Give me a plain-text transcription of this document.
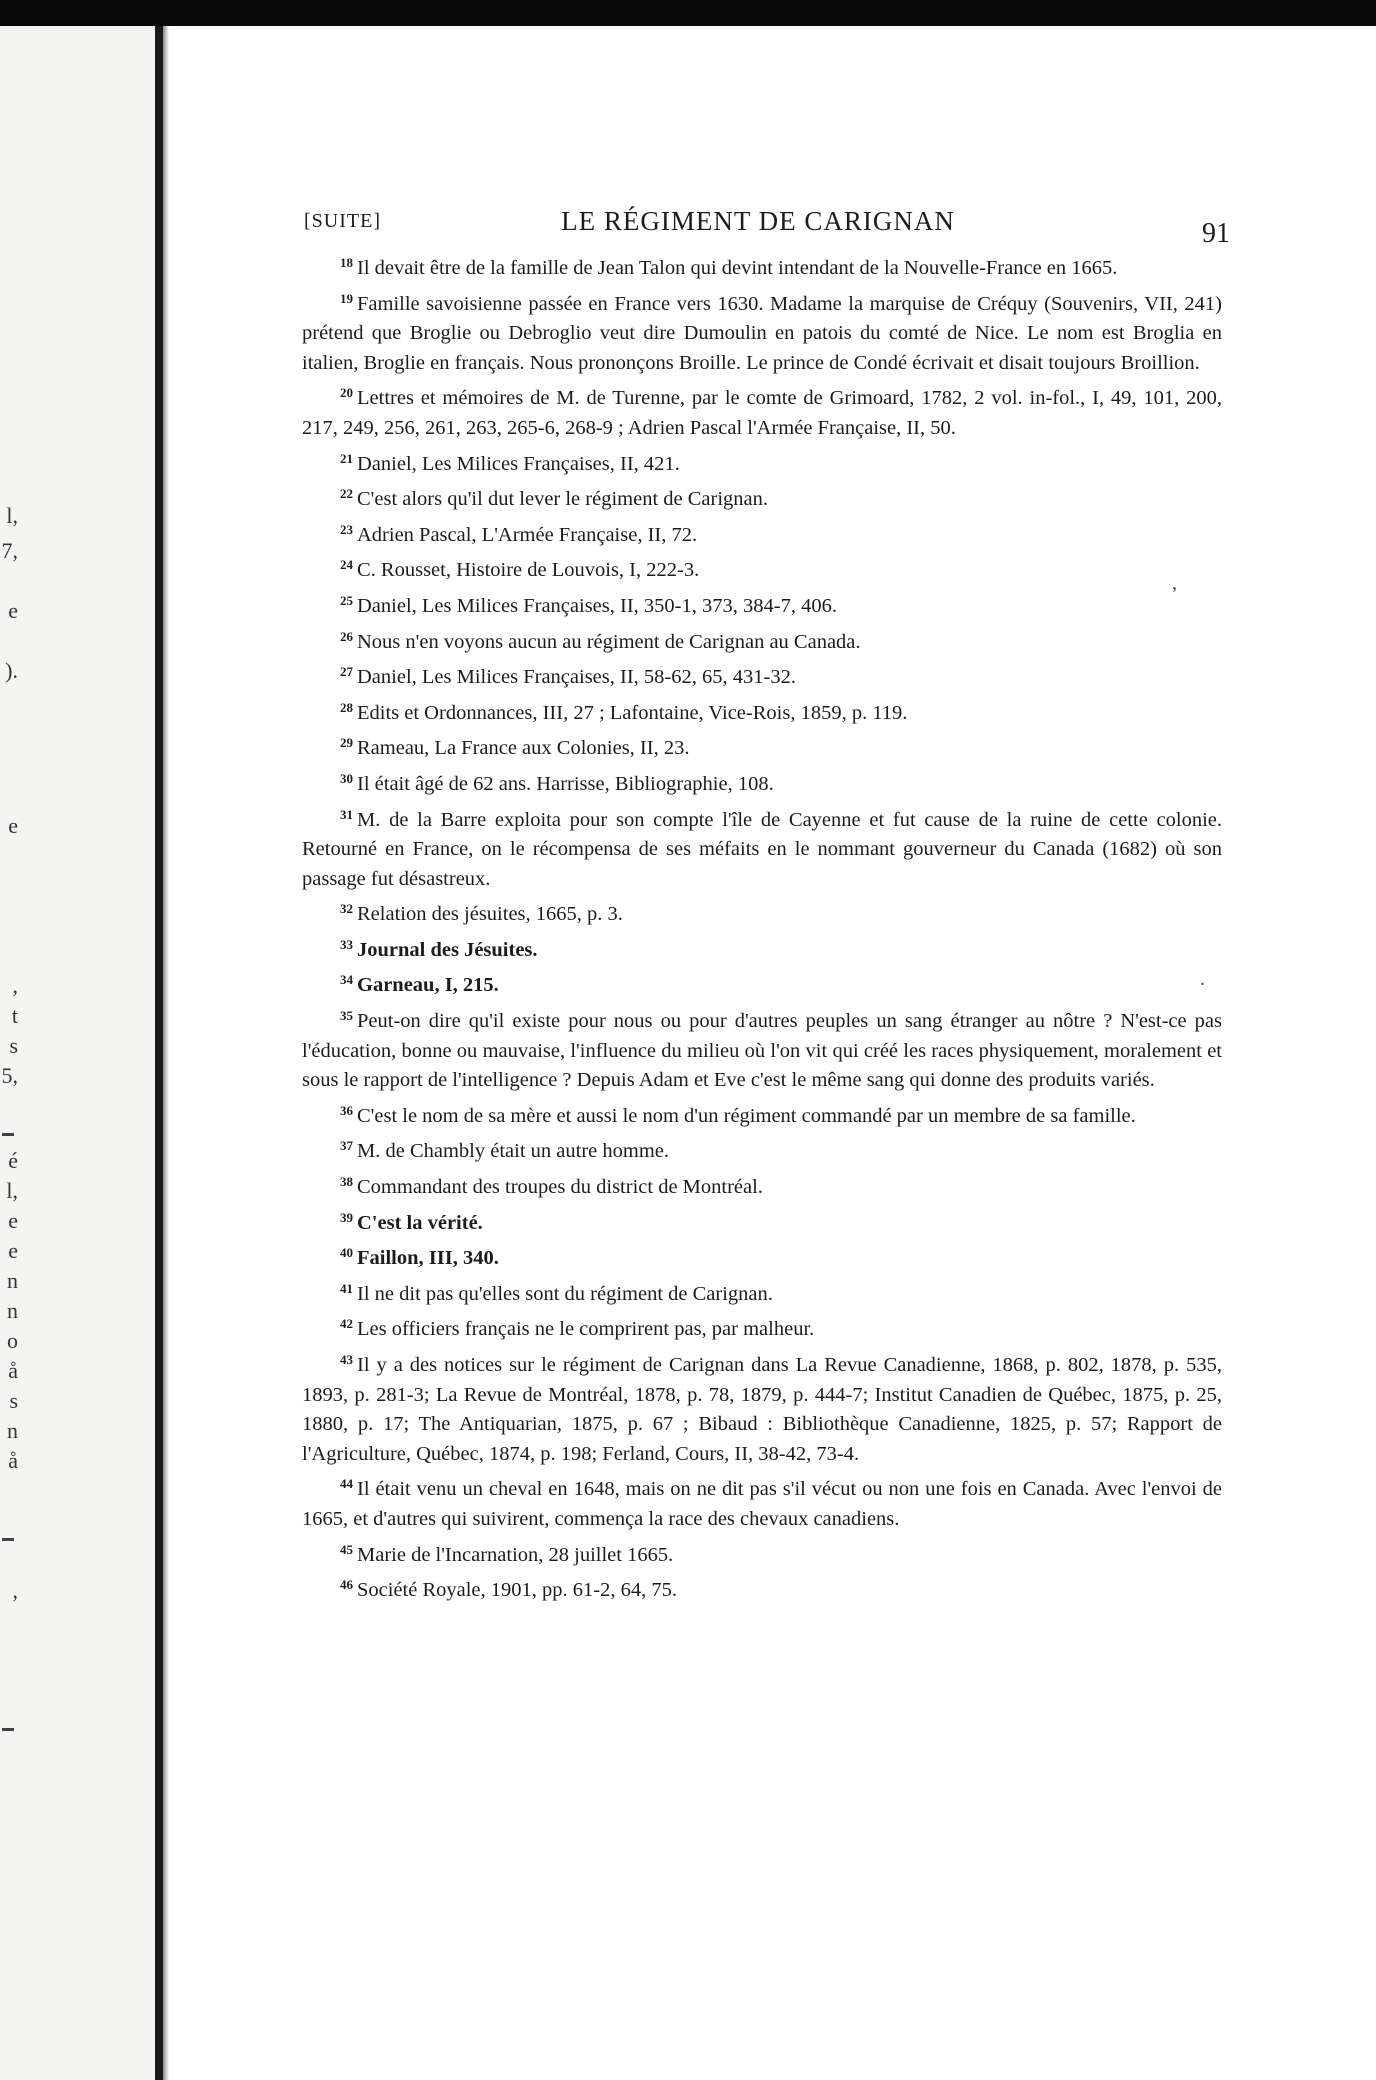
l,
7,
e
).
e
,
t
s
5,
é
l,
e
e
n
n
o
å
s
n
å
,
[SUITE]	LE RÉGIMENT DE CARIGNAN	91

$^{18}$ Il devait être de la famille de Jean Talon qui devint intendant de la Nouvelle-France en 1665.

$^{19}$ Famille savoisienne passée en France vers 1630. Madame la marquise de Créquy (Souvenirs, VII, 241) prétend que Broglie ou Debroglio veut dire Dumoulin en patois du comté de Nice. Le nom est Broglia en italien, Broglie en français. Nous prononçons Broille. Le prince de Condé écrivait et disait toujours Broillion.

$^{20}$ Lettres et mémoires de M. de Turenne, par le comte de Grimoard, 1782, 2 vol. in-fol., I, 49, 101, 200, 217, 249, 256, 261, 263, 265-6, 268-9 ; Adrien Pascal l'Armée Française, II, 50.

$^{21}$ Daniel, Les Milices Françaises, II, 421.

$^{22}$ C'est alors qu'il dut lever le régiment de Carignan.

$^{23}$ Adrien Pascal, L'Armée Française, II, 72.

$^{24}$ C. Rousset, Histoire de Louvois, I, 222-3.

$^{25}$ Daniel, Les Milices Françaises, II, 350-1, 373, 384-7, 406.

$^{26}$ Nous n'en voyons aucun au régiment de Carignan au Canada.

$^{27}$ Daniel, Les Milices Françaises, II, 58-62, 65, 431-32.

$^{28}$ Edits et Ordonnances, III, 27 ; Lafontaine, Vice-Rois, 1859, p. 119.

$^{29}$ Rameau, La France aux Colonies, II, 23.

$^{30}$ Il était âgé de 62 ans. Harrisse, Bibliographie, 108.

$^{31}$ M. de la Barre exploita pour son compte l'île de Cayenne et fut cause de la ruine de cette colonie. Retourné en France, on le récompensa de ses méfaits en le nommant gouverneur du Canada (1682) où son passage fut désastreux.

$^{32}$ Relation des jésuites, 1665, p. 3.

$^{33}$ Journal des Jésuites.

$^{34}$ Garneau, I, 215.

$^{35}$ Peut-on dire qu'il existe pour nous ou pour d'autres peuples un sang étranger au nôtre ? N'est-ce pas l'éducation, bonne ou mauvaise, l'influence du milieu où l'on vit qui créé les races physiquement, moralement et sous le rapport de l'intelligence ? Depuis Adam et Eve c'est le même sang qui donne des produits variés.

$^{36}$ C'est le nom de sa mère et aussi le nom d'un régiment commandé par un membre de sa famille.

$^{37}$ M. de Chambly était un autre homme.

$^{38}$ Commandant des troupes du district de Montréal.

$^{39}$ C'est la vérité.

$^{40}$ Faillon, III, 340.

$^{41}$ Il ne dit pas qu'elles sont du régiment de Carignan.

$^{42}$ Les officiers français ne le comprirent pas, par malheur.

$^{43}$ Il y a des notices sur le régiment de Carignan dans La Revue Canadienne, 1868, p. 802, 1878, p. 535, 1893, p. 281-3; La Revue de Montréal, 1878, p. 78, 1879, p. 444-7; Institut Canadien de Québec, 1875, p. 25, 1880, p. 17; The Antiquarian, 1875, p. 67 ; Bibaud : Bibliothèque Canadienne, 1825, p. 57; Rapport de l'Agriculture, Québec, 1874, p. 198; Ferland, Cours, II, 38-42, 73-4.

$^{44}$ Il était venu un cheval en 1648, mais on ne dit pas s'il vécut ou non une fois en Canada. Avec l'envoi de 1665, et d'autres qui suivirent, commença la race des chevaux canadiens.

$^{45}$ Marie de l'Incarnation, 28 juillet 1665.

$^{46}$ Société Royale, 1901, pp. 61-2, 64, 75.

,
.
